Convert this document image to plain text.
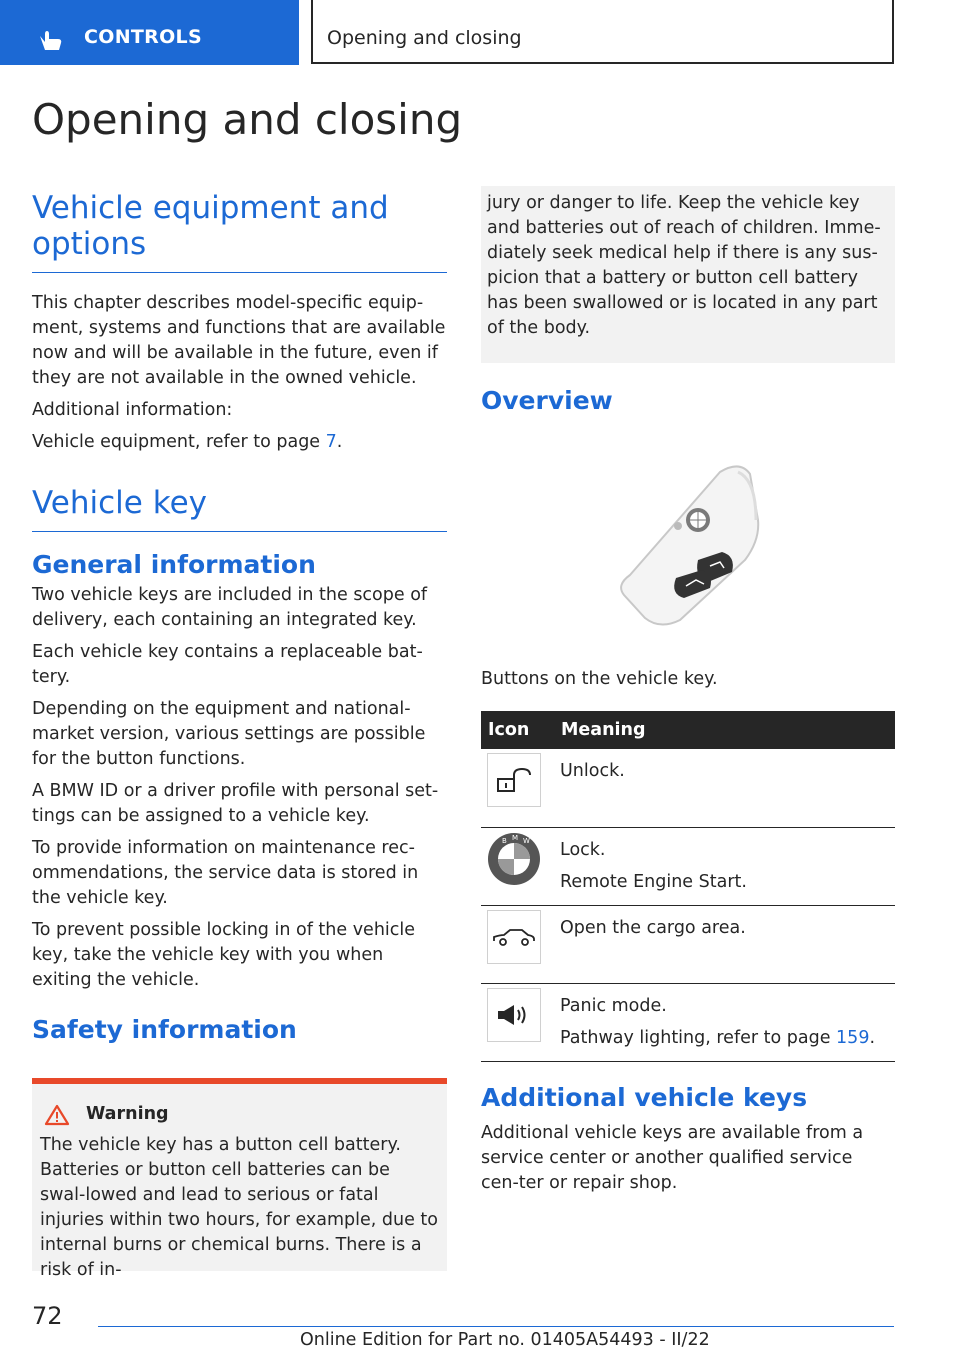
CONTROLS	Opening and closing
Opening and closing
Vehicle equipment and options

This chapter describes model-specific equip‐ment, systems and functions that are available now and will be available in the future, even if they are not available in the owned vehicle.

Additional information:

Vehicle equipment, refer to page 7.

Vehicle key
General information

Two vehicle keys are included in the scope of delivery, each containing an integrated key.

Each vehicle key contains a replaceable bat‐tery.

Depending on the equipment and national-market version, various settings are possible for the button functions.

A BMW ID or a driver profile with personal set‐tings can be assigned to a vehicle key.

To provide information on maintenance rec‐ommendations, the service data is stored in the vehicle key.

To prevent possible locking in of the vehicle key, take the vehicle key with you when exiting the vehicle.

Safety information
Warning

The vehicle key has a button cell battery. Batteries or button cell batteries can be swal‐lowed and lead to serious or fatal injuries within two hours, for example, due to internal burns or chemical burns. There is a risk of in‐

jury or danger to life. Keep the vehicle key and batteries out of reach of children. Imme‐diately seek medical help if there is any sus‐picion that a battery or button cell battery has been swallowed or is located in any part of the body.

Overview

Buttons on the vehicle key.

Icon	Meaning

	Unlock.

B M W	Lock.
Remote Engine Start.

	Open the cargo area.

	Panic mode.
Pathway lighting, refer to page 159.
Additional vehicle keys

Additional vehicle keys are available from a service center or another qualified service cen‐ter or repair shop.

72
Online Edition for Part no. 01405A54493 - II/22
